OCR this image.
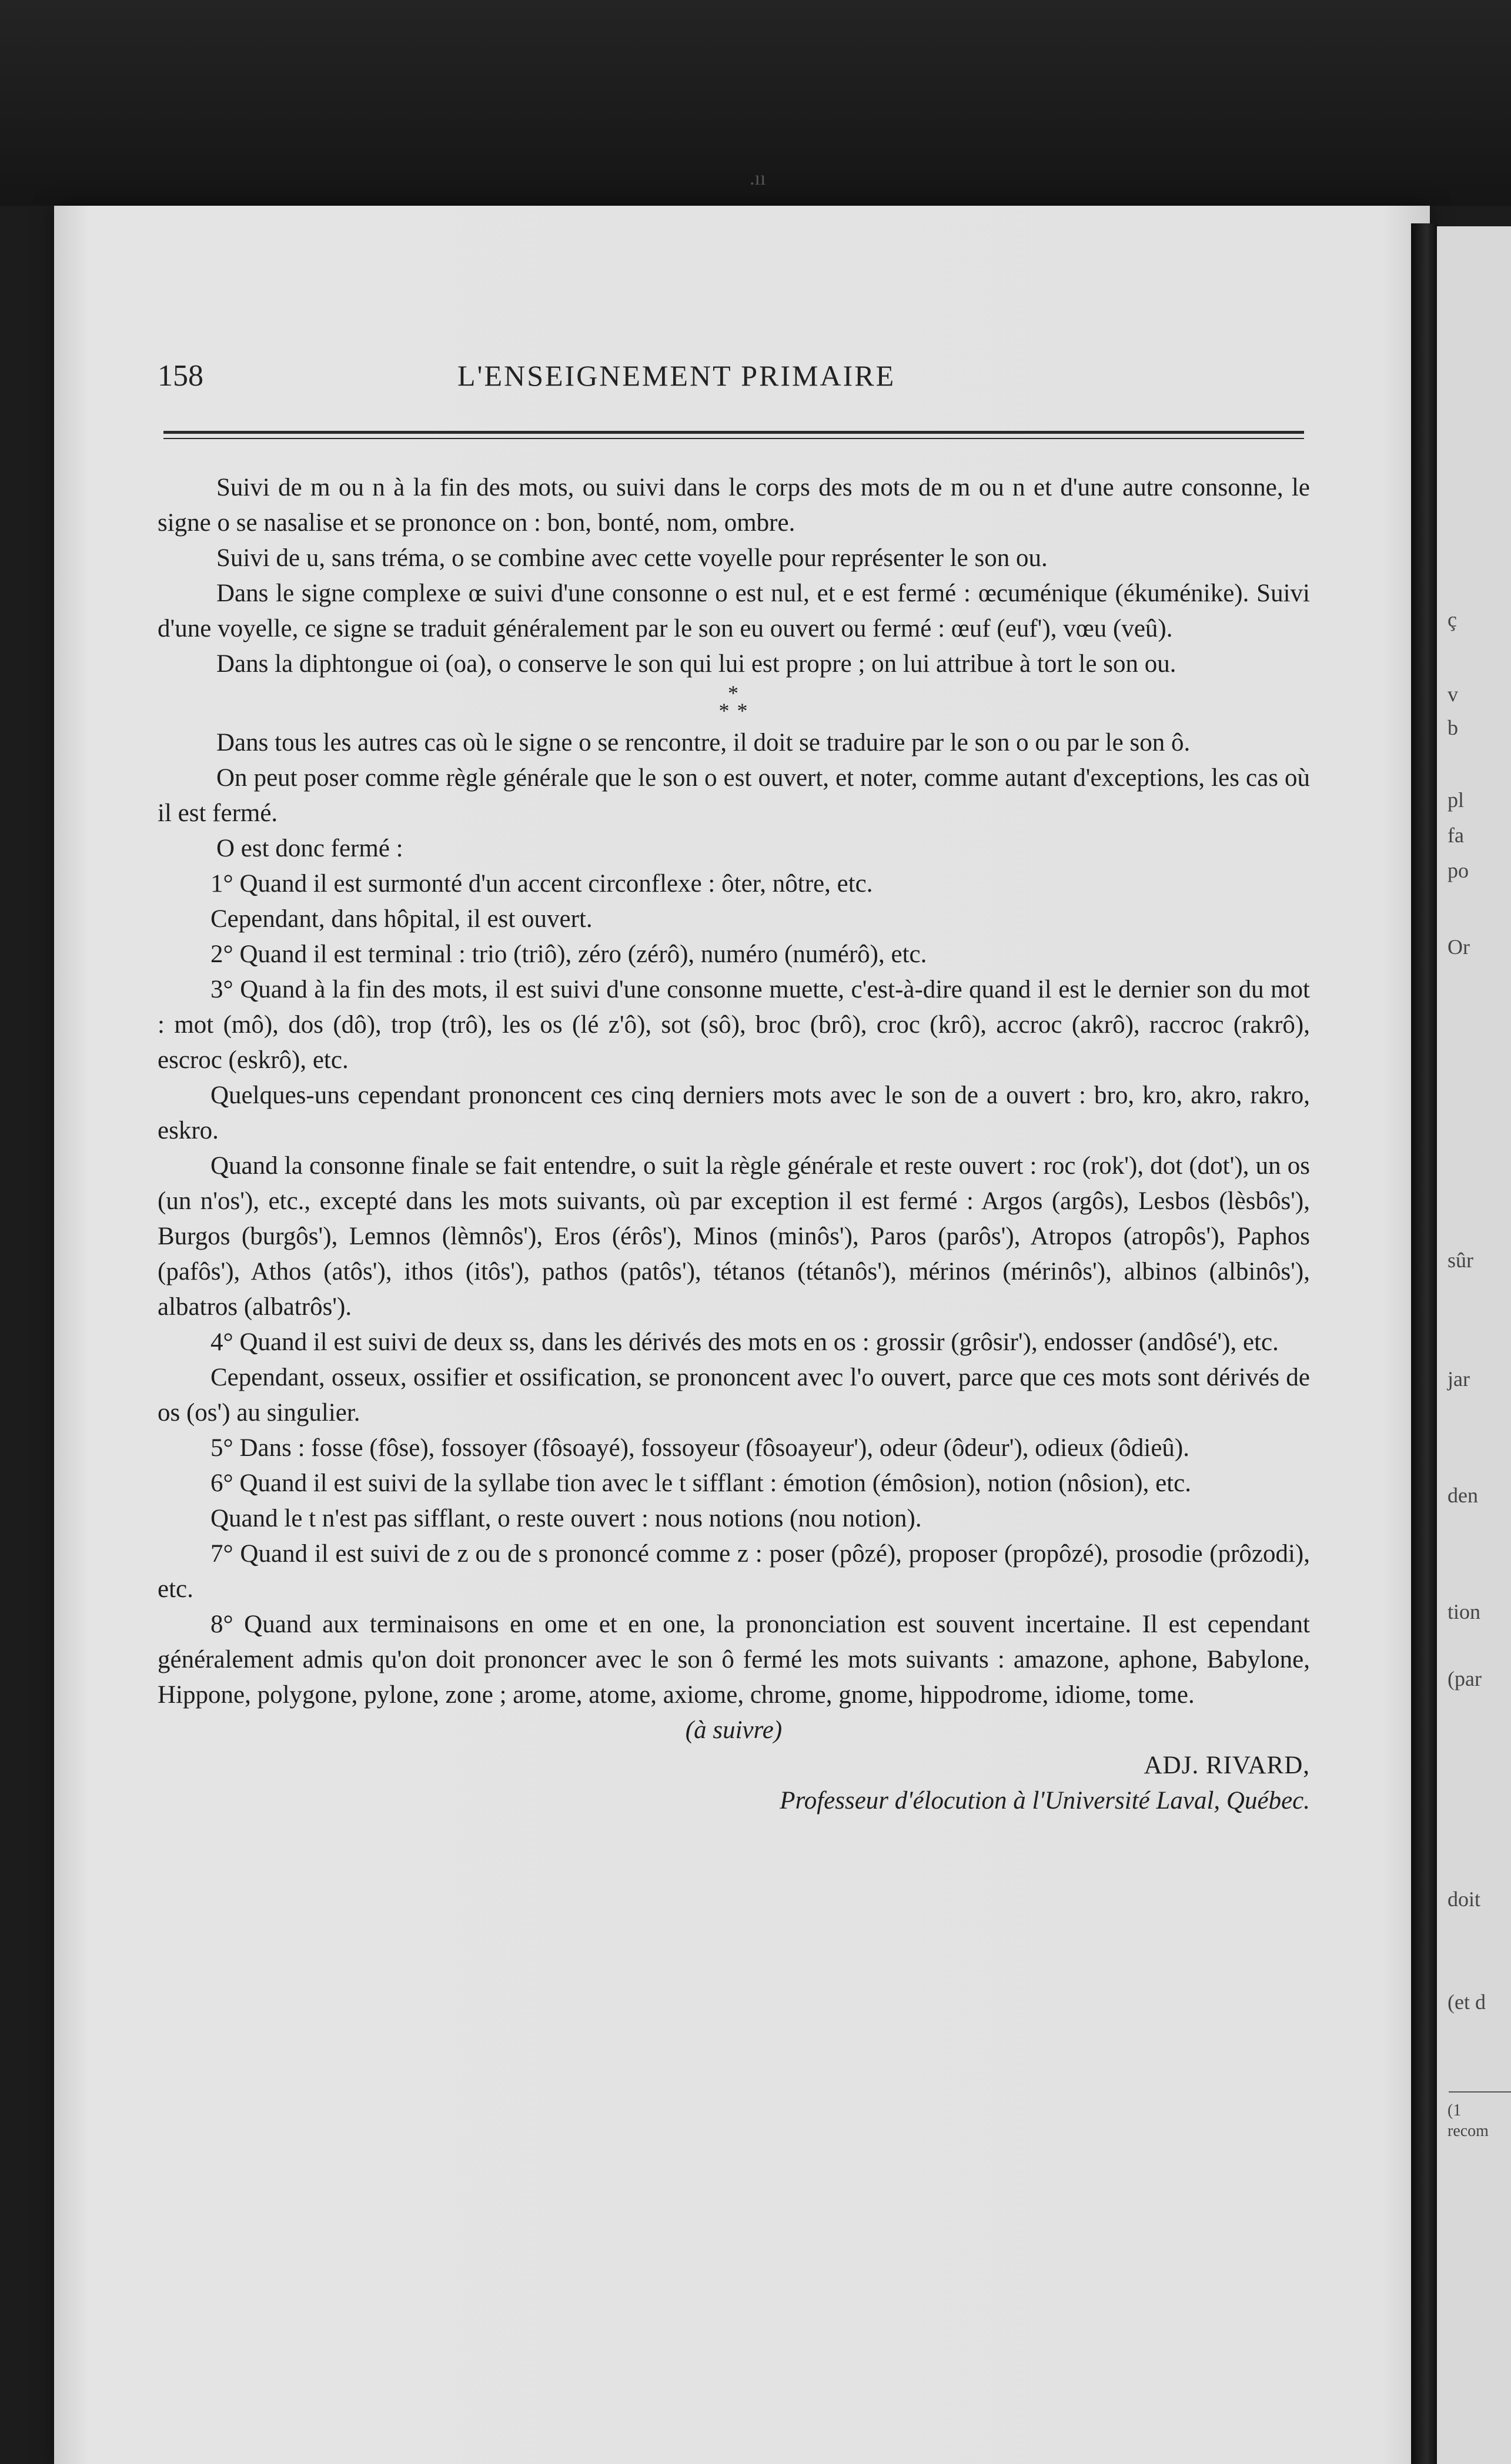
ç
v
b
pl
fa
po
Or
sûr
jar
den
tion
(par
doit
(et d
(1
recom
158	L'ENSEIGNEMENT PRIMAIRE

Suivi de m ou n à la fin des mots, ou suivi dans le corps des mots de m ou n et d'une autre consonne, le signe o se nasalise et se prononce on : bon, bonté, nom, ombre.

Suivi de u, sans tréma, o se combine avec cette voyelle pour représenter le son ou.

Dans le signe complexe œ suivi d'une consonne o est nul, et e est fermé : œcuménique (ékuménike). Suivi d'une voyelle, ce signe se traduit généralement par le son eu ouvert ou fermé : œuf (euf'), vœu (veû).

Dans la diphtongue oi (oa), o conserve le son qui lui est propre ; on lui attribue à tort le son ou.

*
* *

Dans tous les autres cas où le signe o se rencontre, il doit se traduire par le son o ou par le son ô.

On peut poser comme règle générale que le son o est ouvert, et noter, comme autant d'exceptions, les cas où il est fermé.

O est donc fermé :

1° Quand il est surmonté d'un accent circonflexe : ôter, nôtre, etc.

Cependant, dans hôpital, il est ouvert.

2° Quand il est terminal : trio (triô), zéro (zérô), numéro (numérô), etc.

3° Quand à la fin des mots, il est suivi d'une consonne muette, c'est-à-dire quand il est le dernier son du mot : mot (mô), dos (dô), trop (trô), les os (lé z'ô), sot (sô), broc (brô), croc (krô), accroc (akrô), raccroc (rakrô), escroc (eskrô), etc.

Quelques-uns cependant prononcent ces cinq derniers mots avec le son de a ouvert : bro, kro, akro, rakro, eskro.

Quand la consonne finale se fait entendre, o suit la règle générale et reste ouvert : roc (rok'), dot (dot'), un os (un n'os'), etc., excepté dans les mots suivants, où par exception il est fermé : Argos (argôs), Lesbos (lèsbôs'), Burgos (burgôs'), Lemnos (lèmnôs'), Eros (érôs'), Minos (minôs'), Paros (parôs'), Atropos (atropôs'), Paphos (pafôs'), Athos (atôs'), ithos (itôs'), pathos (patôs'), tétanos (tétanôs'), mérinos (mérinôs'), albinos (albinôs'), albatros (albatrôs').

4° Quand il est suivi de deux ss, dans les dérivés des mots en os : grossir (grôsir'), endosser (andôsé'), etc.

Cependant, osseux, ossifier et ossification, se prononcent avec l'o ouvert, parce que ces mots sont dérivés de os (os') au singulier.

5° Dans : fosse (fôse), fossoyer (fôsoayé), fossoyeur (fôsoayeur'), odeur (ôdeur'), odieux (ôdieû).

6° Quand il est suivi de la syllabe tion avec le t sifflant : émotion (émôsion), notion (nôsion), etc.

Quand le t n'est pas sifflant, o reste ouvert : nous notions (nou notion).

7° Quand il est suivi de z ou de s prononcé comme z : poser (pôzé), proposer (propôzé), prosodie (prôzodi), etc.

8° Quand aux terminaisons en ome et en one, la prononciation est souvent incertaine. Il est cependant généralement admis qu'on doit prononcer avec le son ô fermé les mots suivants : amazone, aphone, Babylone, Hippone, polygone, pylone, zone ; arome, atome, axiome, chrome, gnome, hippodrome, idiome, tome.

(à suivre)

ADJ. RIVARD,

Professeur d'élocution à l'Université Laval, Québec.

.ıı
